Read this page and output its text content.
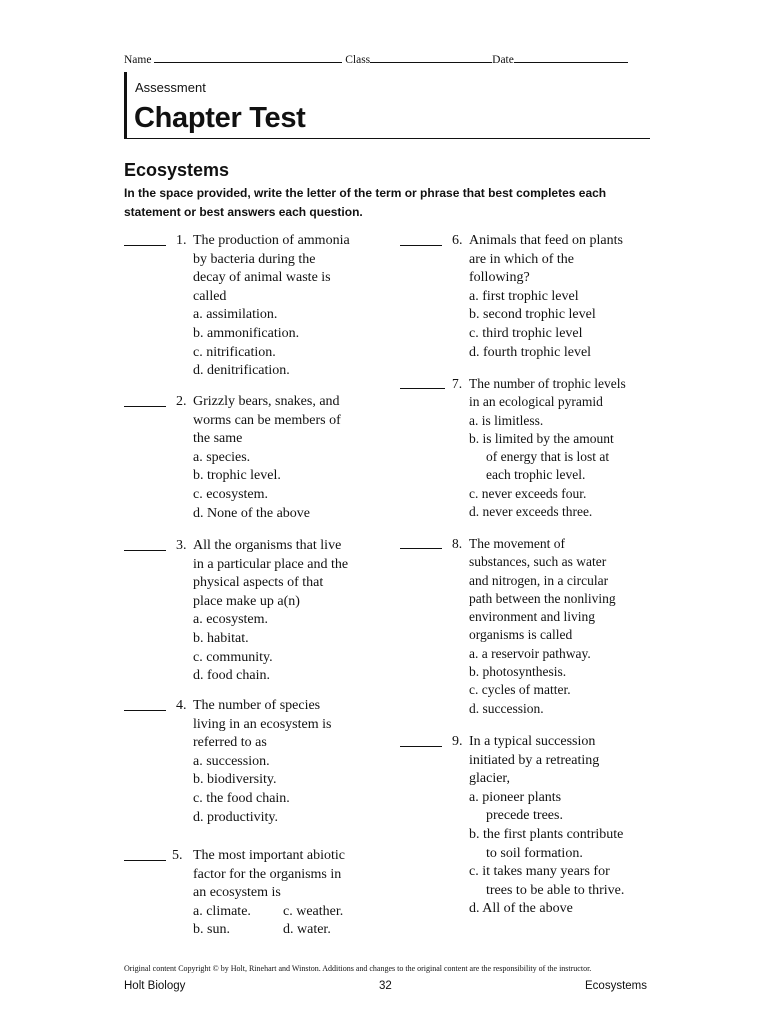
Name	Class	Date
Assessment
Chapter Test
Ecosystems
In the space provided, write the letter of the term or phrase that best completes each statement or best answers each question.
1. The production of ammonia
by bacteria during the
decay of animal waste is
called
a. assimilation.
b. ammonification.
c. nitrification.
d. denitrification.
2. Grizzly bears, snakes, and
worms can be members of
the same
a. species.
b. trophic level.
c. ecosystem.
d. None of the above
3. All the organisms that live
in a particular place and the
physical aspects of that
place make up a(n)
a. ecosystem.
b. habitat.
c. community.
d. food chain.
4. The number of species
living in an ecosystem is
referred to as
a. succession.
b. biodiversity.
c. the food chain.
d. productivity.
5. The most important abiotic
factor for the organisms in
an ecosystem is
a. climate. c. weather.
b. sun.	d. water.
6. Animals that feed on plants
are in which of the
following?
a. first trophic level
b. second trophic level
c. third trophic level
d. fourth trophic level
7. The number of trophic levels
in an ecological pyramid
a. is limitless.
b. is limited by the amount
of energy that is lost at
each trophic level.
c. never exceeds four.
d. never exceeds three.
8. The movement of
substances, such as water
and nitrogen, in a circular
path between the nonliving
environment and living
organisms is called
a. a reservoir pathway.
b. photosynthesis.
c. cycles of matter.
d. succession.
9. In a typical succession
initiated by a retreating
glacier,
a. pioneer plants
precede trees.
b. the first plants contribute
to soil formation.
c. it takes many years for
trees to be able to thrive.
d. All of the above
Original content Copyright © by Holt, Rinehart and Winston. Additions and changes to the original content are the responsibility of the instructor.
Holt Biology	32	Ecosystems
